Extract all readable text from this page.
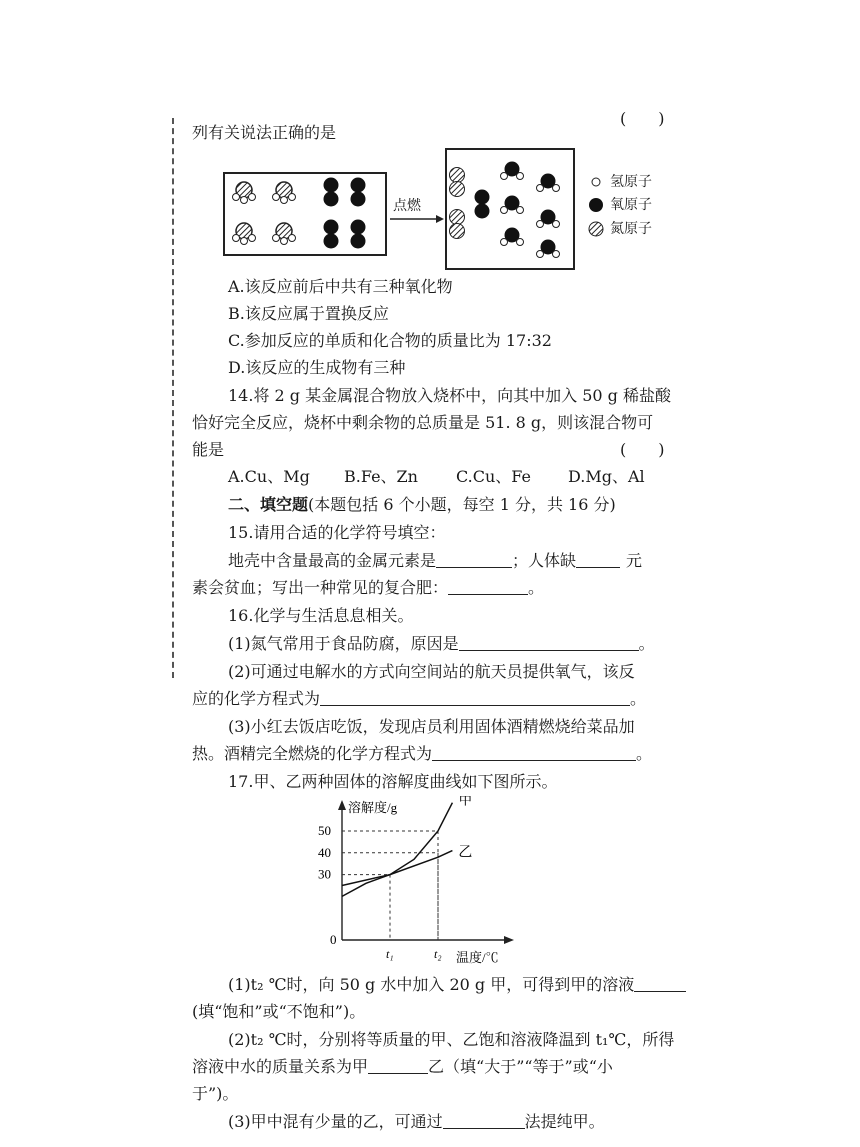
列有关说法正确的是
(　　)
点燃
氢原子
氧原子
氮原子
A.该反应前后中共有三种氧化物
B.该反应属于置换反应
C.参加反应的单质和化合物的质量比为 17:32
D.该反应的生成物有三种
14.将 2 g 某金属混合物放入烧杯中，向其中加入 50 g 稀盐酸
恰好完全反应，烧杯中剩余物的总质量是 51. 8 g，则该混合物可
能是	(　　)
A.Cu、Mg B.Fe、Zn C.Cu、Fe D.Mg、Al
二、填空题(本题包括 6 个小题，每空 1 分，共 16 分)
15.请用合适的化学符号填空：
地壳中含量最高的金属元素是	；人体缺	元
素会贫血；写出一种常见的复合肥：	。
16.化学与生活息息相关。
(1)氮气常用于食品防腐，原因是	。
(2)可通过电解水的方式向空间站的航天员提供氧气，该反
应的化学方程式为	。
(3)小红去饭店吃饭，发现店员利用固体酒精燃烧给菜品加
热。酒精完全燃烧的化学方程式为	。
17.甲、乙两种固体的溶解度曲线如下图所示。
溶解度/g
温度/℃
0
30
40
50
t₁	t₂
甲
乙
(1)t₂ ℃时，向 50 g 水中加入 20 g 甲，可得到甲的溶液
(填“饱和”或“不饱和”)。
(2)t₂ ℃时，分别将等质量的甲、乙饱和溶液降温到 t₁℃，所得
溶液中水的质量关系为甲	乙（填“大于”“等于”或“小
于”)。
(3)甲中混有少量的乙，可通过	法提纯甲。
